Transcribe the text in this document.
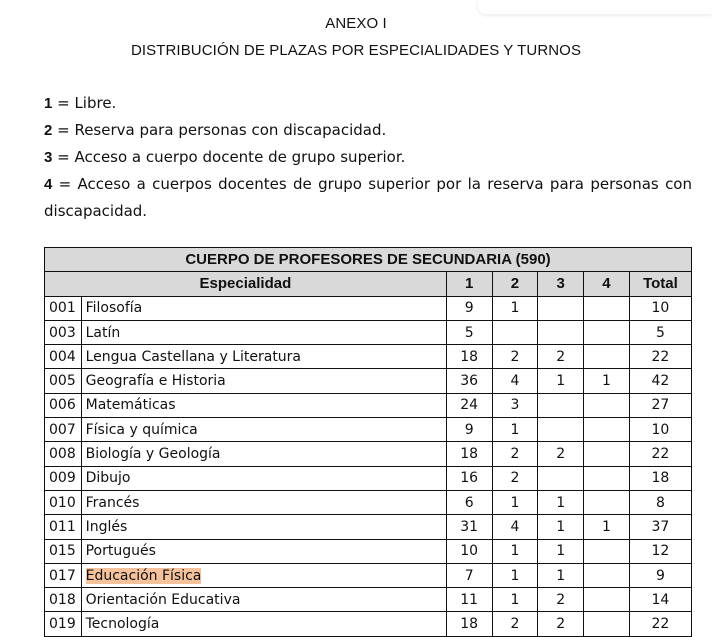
ANEXO I
DISTRIBUCIÓN DE PLAZAS POR ESPECIALIDADES Y TURNOS
1 = Libre.
2 = Reserva para personas con discapacidad.
3 = Acceso a cuerpo docente de grupo superior.
4 = Acceso a cuerpos docentes de grupo superior por la reserva para personas con discapacidad.
CUERPO DE PROFESORES DE SECUNDARIA (590)						
Especialidad		1	2	3	4	Total
001	Filosofía	9	1			10
003	Latín	5				5
004	Lengua Castellana y Literatura	18	2	2		22
005	Geografía e Historia	36	4	1	1	42
006	Matemáticas	24	3			27
007	Física y química	9	1			10
008	Biología y Geología	18	2	2		22
009	Dibujo	16	2			18
010	Francés	6	1	1		8
011	Inglés	31	4	1	1	37
015	Portugués	10	1	1		12
017	Educación Física	7	1	1		9
018	Orientación Educativa	11	1	2		14
019	Tecnología	18	2	2		22
